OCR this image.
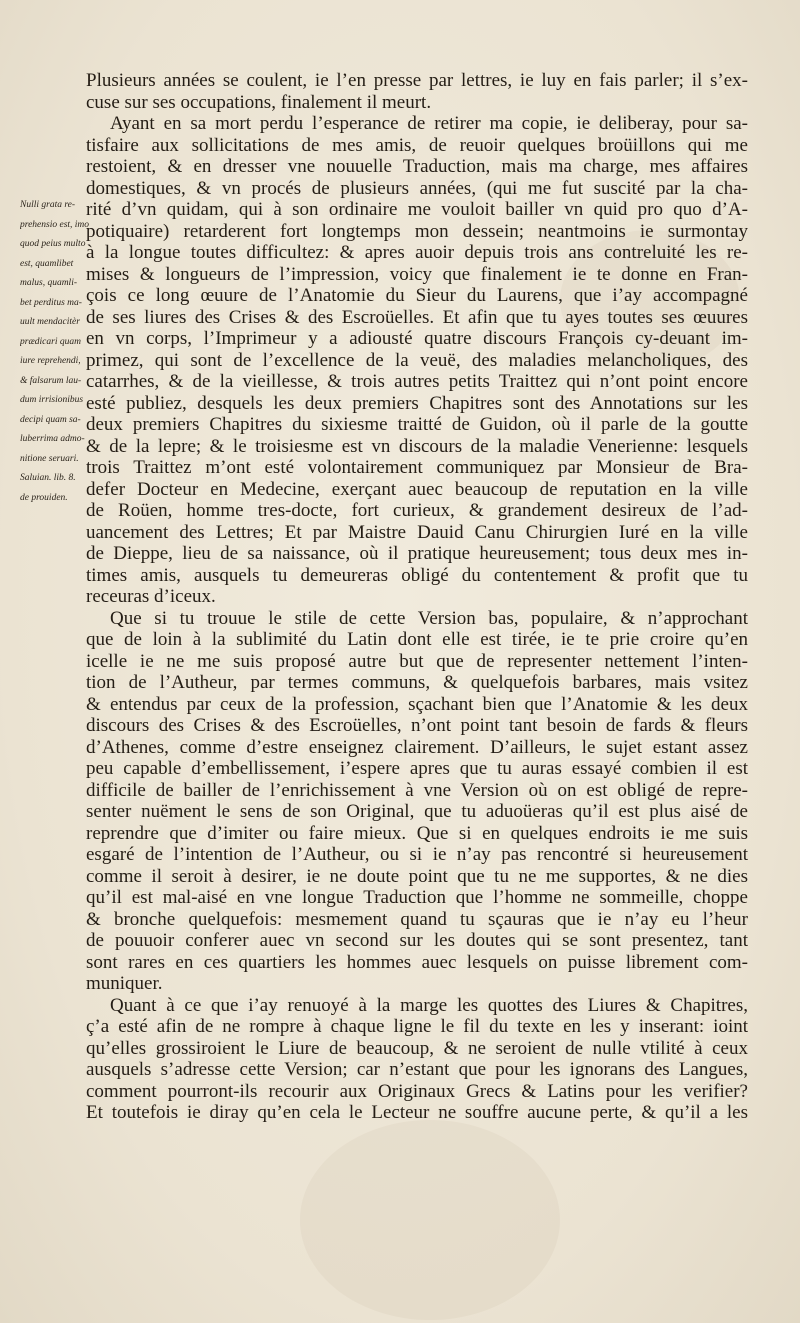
Plusieurs années se coulent, ie l’en presse par lettres, ie luy en fais parler; il s’ex-
cuse sur ses occupations, finalement il meurt.
Ayant en sa mort perdu l’esperance de retirer ma copie, ie deliberay, pour sa-
tisfaire aux sollicitations de mes amis, de reuoir quelques broüillons qui me
restoient, & en dresser vne nouuelle Traduction, mais ma charge, mes affaires
domestiques, & vn procés de plusieurs années, (qui me fut suscité par la cha-
rité d’vn quidam, qui à son ordinaire me vouloit bailler vn quid pro quo d’A-
potiquaire) retarderent fort longtemps mon dessein; neantmoins ie surmontay
à la longue toutes difficultez: & apres auoir depuis trois ans contreluité les re-
mises & longueurs de l’impression, voicy que finalement ie te donne en Fran-
çois ce long œuure de l’Anatomie du Sieur du Laurens, que i’ay accompagné
de ses liures des Crises & des Escroüelles. Et afin que tu ayes toutes ses œuures
en vn corps, l’Imprimeur y a adiousté quatre discours François cy-deuant im-
primez, qui sont de l’excellence de la veuë, des maladies melancholiques, des
catarrhes, & de la vieillesse, & trois autres petits Traittez qui n’ont point encore
esté publiez, desquels les deux premiers Chapitres sont des Annotations sur les
deux premiers Chapitres du sixiesme traitté de Guidon, où il parle de la goutte
& de la lepre; & le troisiesme est vn discours de la maladie Venerienne: lesquels
trois Traittez m’ont esté volontairement communiquez par Monsieur de Bra-
defer Docteur en Medecine, exerçant auec beaucoup de reputation en la ville
de Roüen, homme tres-docte, fort curieux, & grandement desireux de l’ad-
uancement des Lettres; Et par Maistre Dauid Canu Chirurgien Iuré en la ville
de Dieppe, lieu de sa naissance, où il pratique heureusement; tous deux mes in-
times amis, ausquels tu demeureras obligé du contentement & profit que tu
receuras d’iceux.
Que si tu trouue le stile de cette Version bas, populaire, & n’approchant
que de loin à la sublimité du Latin dont elle est tirée, ie te prie croire qu’en
icelle ie ne me suis proposé autre but que de representer nettement l’inten-
tion de l’Autheur, par termes communs, & quelquefois barbares, mais vsitez
& entendus par ceux de la profession, sçachant bien que l’Anatomie & les deux
discours des Crises & des Escroüelles, n’ont point tant besoin de fards & fleurs
d’Athenes, comme d’estre enseignez clairement. D’ailleurs, le sujet estant assez
peu capable d’embellissement, i’espere apres que tu auras essayé combien il est
difficile de bailler de l’enrichissement à vne Version où on est obligé de repre-
senter nuëment le sens de son Original, que tu aduoüeras qu’il est plus aisé de
reprendre que d’imiter ou faire mieux. Que si en quelques endroits ie me suis
esgaré de l’intention de l’Autheur, ou si ie n’ay pas rencontré si heureusement
comme il seroit à desirer, ie ne doute point que tu ne me supportes, & ne dies
qu’il est mal-aisé en vne longue Traduction que l’homme ne sommeille, choppe
& bronche quelquefois: mesmement quand tu sçauras que ie n’ay eu l’heur
de pouuoir conferer auec vn second sur les doutes qui se sont presentez, tant
sont rares en ces quartiers les hommes auec lesquels on puisse librement com-
muniquer.
Quant à ce que i’ay renuoyé à la marge les quottes des Liures & Chapitres,
ç’a esté afin de ne rompre à chaque ligne le fil du texte en les y inserant: ioint
qu’elles grossiroient le Liure de beaucoup, & ne seroient de nulle vtilité à ceux
ausquels s’adresse cette Version; car n’estant que pour les ignorans des Langues,
comment pourront-ils recourir aux Originaux Grecs & Latins pour les verifier?
Et toutefois ie diray qu’en cela le Lecteur ne souffre aucune perte, & qu’il a les
Nulli grata re-
prehensio est, imo
quod peius multo
est, quamlibet
malus, quamli-
bet perditus ma-
uult mendacitèr
prædicari quam
iure reprehendi,
& falsarum lau-
dum irrisionibus
decipi quam sa-
luberrima admo-
nitione seruari.
Saluian. lib. 8.
de prouiden.
